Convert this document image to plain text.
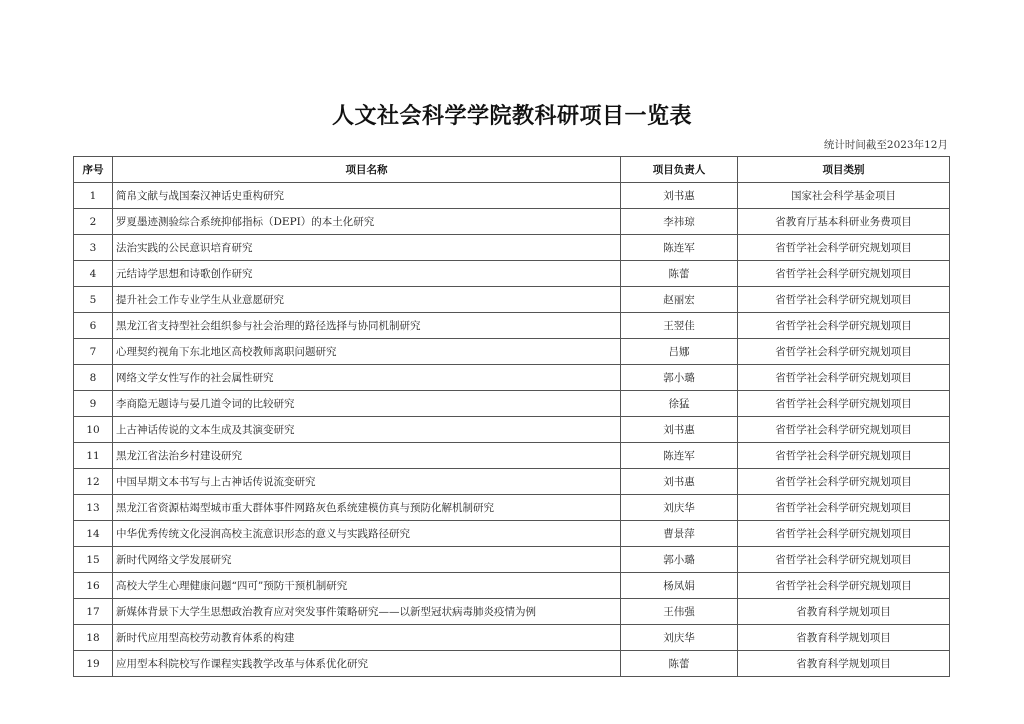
人文社会科学学院教科研项目一览表
统计时间截至2023年12月
序号	项目名称	项目负责人	项目类别
1	简帛文献与战国秦汉神话史重构研究	刘书惠	国家社会科学基金项目
2	罗夏墨迹测验综合系统抑郁指标（DEPI）的本土化研究	李祎琼	省教育厅基本科研业务费项目
3	法治实践的公民意识培育研究	陈连军	省哲学社会科学研究规划项目
4	元结诗学思想和诗歌创作研究	陈蕾	省哲学社会科学研究规划项目
5	提升社会工作专业学生从业意愿研究	赵丽宏	省哲学社会科学研究规划项目
6	黑龙江省支持型社会组织参与社会治理的路径选择与协同机制研究	王翌佳	省哲学社会科学研究规划项目
7	心理契约视角下东北地区高校教师离职问题研究	吕娜	省哲学社会科学研究规划项目
8	网络文学女性写作的社会属性研究	郭小璐	省哲学社会科学研究规划项目
9	李商隐无题诗与晏几道令词的比较研究	徐猛	省哲学社会科学研究规划项目
10	上古神话传说的文本生成及其演变研究	刘书惠	省哲学社会科学研究规划项目
11	黑龙江省法治乡村建设研究	陈连军	省哲学社会科学研究规划项目
12	中国早期文本书写与上古神话传说流变研究	刘书惠	省哲学社会科学研究规划项目
13	黑龙江省资源枯竭型城市重大群体事件网路灰色系统建模仿真与预防化解机制研究	刘庆华	省哲学社会科学研究规划项目
14	中华优秀传统文化浸润高校主流意识形态的意义与实践路径研究	曹景萍	省哲学社会科学研究规划项目
15	新时代网络文学发展研究	郭小璐	省哲学社会科学研究规划项目
16	高校大学生心理健康问题“四可”预防干预机制研究	杨凤娟	省哲学社会科学研究规划项目
17	新媒体背景下大学生思想政治教育应对突发事件策略研究——以新型冠状病毒肺炎疫情为例	王伟强	省教育科学规划项目
18	新时代应用型高校劳动教育体系的构建	刘庆华	省教育科学规划项目
19	应用型本科院校写作课程实践教学改革与体系优化研究	陈蕾	省教育科学规划项目
